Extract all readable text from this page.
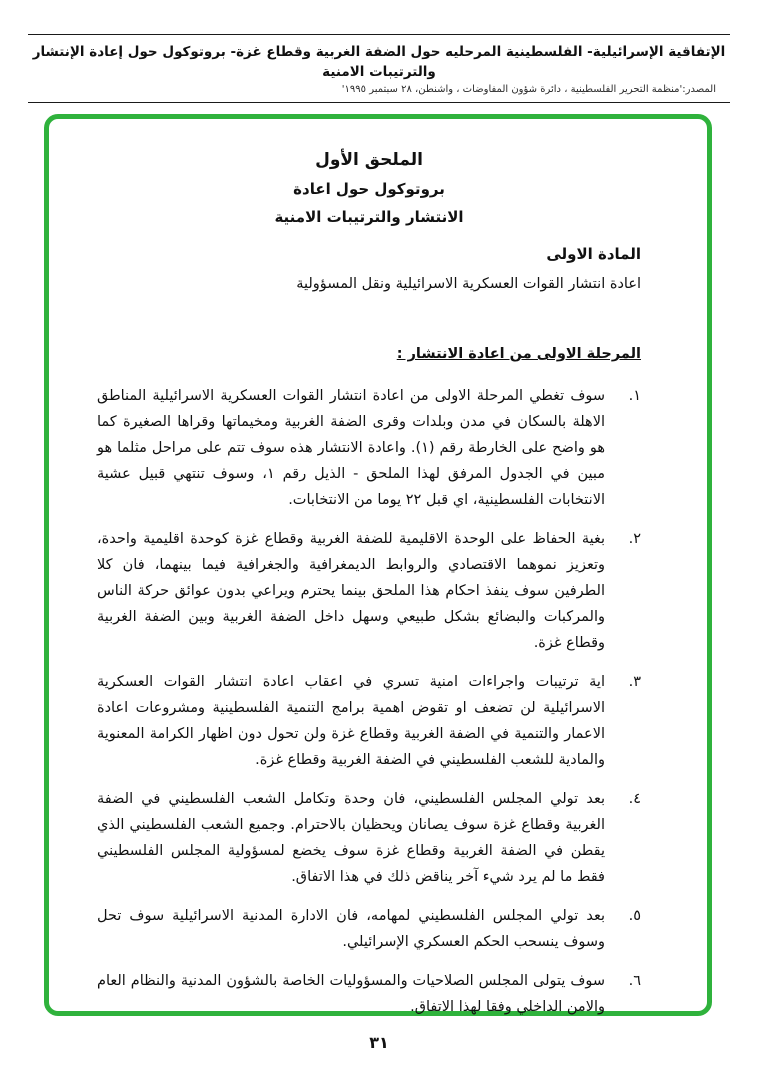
الإتفاقية الإسرائيلية- الفلسطينية المرحليه حول الضفة الغربية وقطاع غزة- بروتوكول حول إعادة الإنتشار والترتيبات الامنية
المصدر:'منظمة التحرير الفلسطينية ، دائرة شؤون المفاوضات ، واشنطن، ٢٨ سبتمبر ١٩٩٥'
الملحق الأول
بروتوكول حول اعادة
الانتشار والترتيبات الامنية
المادة الاولى
اعادة انتشار القوات العسكرية الاسرائيلية ونقل المسؤولية
المرحلة الاولى من اعادة الانتشار :
١.
سوف تغطي المرحلة الاولى من اعادة انتشار القوات العسكرية الاسرائيلية المناطق الاهلة بالسكان في مدن وبلدات وقرى الضفة الغربية ومخيماتها وقراها الصغيرة كما هو واضح على الخارطة رقم (١). واعادة الانتشار هذه سوف تتم على مراحل مثلما هو مبين في الجدول المرفق لهذا الملحق - الذيل رقم ١، وسوف تنتهي قبيل عشية الانتخابات الفلسطينية، اي قبل ٢٢ يوما من الانتخابات.
٢.
بغية الحفاظ على الوحدة الاقليمية للضفة الغربية وقطاع غزة كوحدة اقليمية واحدة، وتعزيز نموهما الاقتصادي والروابط الديمغرافية والجغرافية فيما بينهما، فان كلا الطرفين سوف ينفذ احكام هذا الملحق بينما يحترم ويراعي بدون عوائق حركة الناس والمركبات والبضائع بشكل طبيعي وسهل داخل الضفة الغربية وبين الضفة الغربية وقطاع غزة.
٣.
اية ترتيبات واجراءات امنية تسري في اعقاب اعادة انتشار القوات العسكرية الاسرائيلية لن تضعف او تقوض اهمية برامج التنمية الفلسطينية ومشروعات اعادة الاعمار والتنمية في الضفة الغربية وقطاع غزة ولن تحول دون اظهار الكرامة المعنوية والمادية للشعب الفلسطيني في الضفة الغربية وقطاع غزة.
٤.
بعد تولي المجلس الفلسطيني، فان وحدة وتكامل الشعب الفلسطيني في الضفة الغربية وقطاع غزة سوف يصانان ويحظيان بالاحترام. وجميع الشعب الفلسطيني الذي يقطن في الضفة الغربية وقطاع غزة سوف يخضع لمسؤولية المجلس الفلسطيني فقط ما لم يرد شيء آخر يناقض ذلك في هذا الاتفاق.
٥.
بعد تولي المجلس الفلسطيني لمهامه، فان الادارة المدنية الاسرائيلية سوف تحل وسوف ينسحب الحكم العسكري الإسرائيلي.
٦.
سوف يتولى المجلس الصلاحيات والمسؤوليات الخاصة بالشؤون المدنية والنظام العام والامن الداخلي وفقا لهذا الاتفاق.
٣١
